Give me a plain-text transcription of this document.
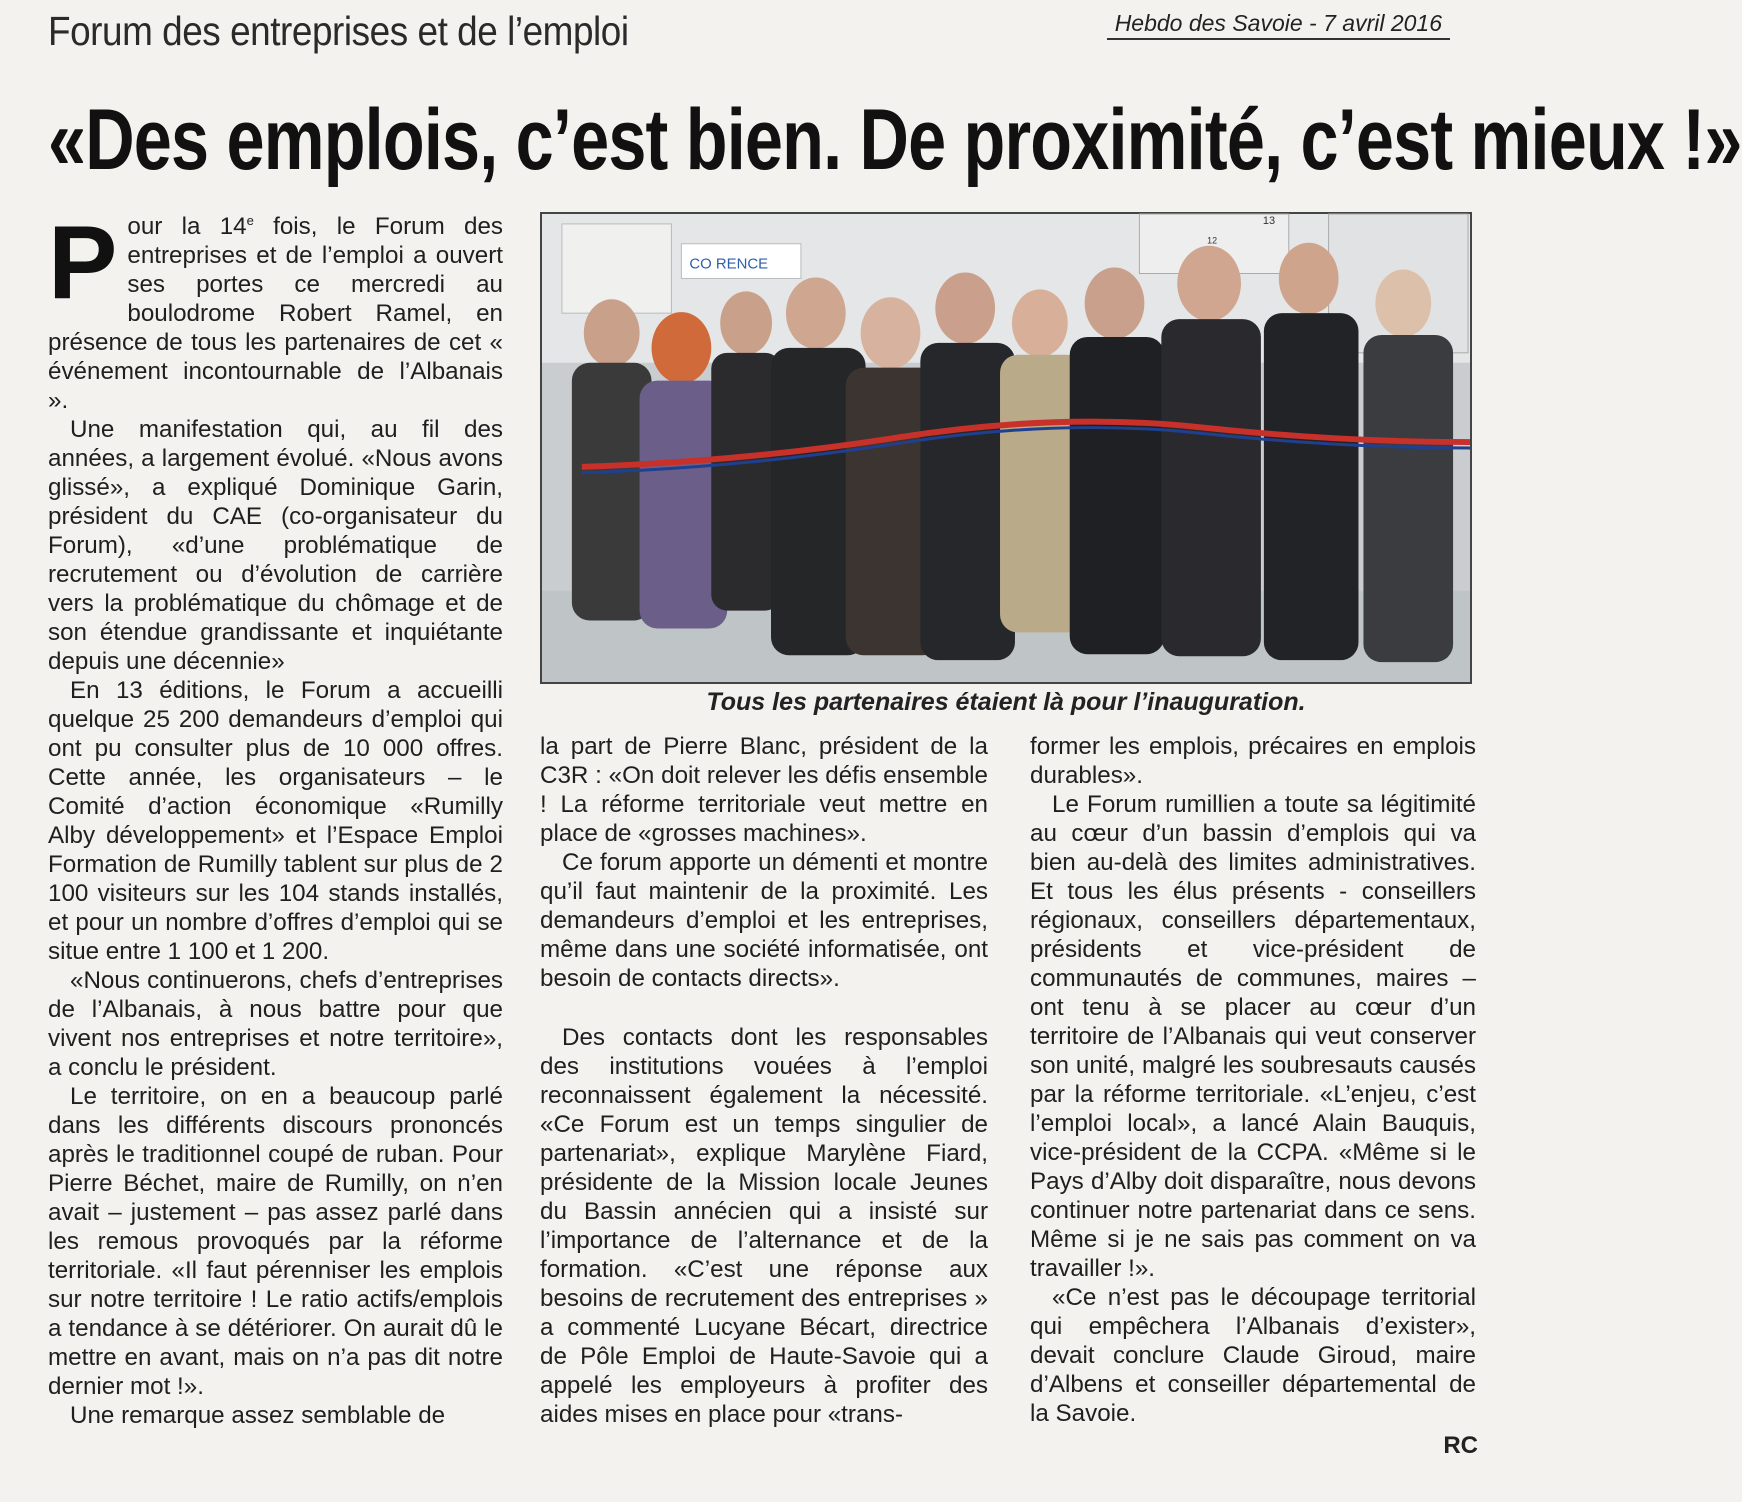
Forum des entreprises et de l’emploi	Hebdo des Savoie - 7 avril 2016
«Des emplois, c’est bien. De proximité, c’est mieux !»

Pour la 14e fois, le Forum des entreprises et de l’emploi a ouvert ses portes ce mercredi au boulodrome Robert Ramel, en présence de tous les partenaires de cet « événement incontournable de l’Albanais ».

Une manifestation qui, au fil des années, a largement évolué. «Nous avons glissé», a expliqué Dominique Garin, président du CAE (co-organisateur du Forum), «d’une problématique de recrutement ou d’évolution de carrière vers la problématique du chômage et de son étendue grandissante et inquiétante depuis une décennie»

En 13 éditions, le Forum a accueilli quelque 25 200 demandeurs d’emploi qui ont pu consulter plus de 10 000 offres. Cette année, les organisateurs – le Comité d’action économique «Rumilly Alby développement» et l’Espace Emploi Formation de Rumilly tablent sur plus de 2 100 visiteurs sur les 104 stands installés, et pour un nombre d’offres d’emploi qui se situe entre 1 100 et 1 200.

«Nous continuerons, chefs d’entreprises de l’Albanais, à nous battre pour que vivent nos entreprises et notre territoire», a conclu le président.

Le territoire, on en a beaucoup parlé dans les différents discours prononcés après le traditionnel coupé de ruban. Pour Pierre Béchet, maire de Rumilly, on n’en avait – justement – pas assez parlé dans les remous provoqués par la réforme territoriale. «Il faut pérenniser les emplois sur notre territoire ! Le ratio actifs/emplois a tendance à se détériorer. On aurait dû le mettre en avant, mais on n’a pas dit notre dernier mot !».

Une remarque assez semblable de

CO RENCE
13
12
Tous les partenaires étaient là pour l’inauguration.

la part de Pierre Blanc, président de la C3R : «On doit relever les défis ensemble ! La réforme territoriale veut mettre en place de «grosses machines».

Ce forum apporte un démenti et montre qu’il faut maintenir de la proximité. Les demandeurs d’emploi et les entreprises, même dans une société informatisée, ont besoin de contacts directs».

Des contacts dont les responsables des institutions vouées à l’emploi reconnaissent également la nécessité. «Ce Forum est un temps singulier de partenariat», explique Marylène Fiard, présidente de la Mission locale Jeunes du Bassin annécien qui a insisté sur l’importance de l’alternance et de la formation. «C’est une réponse aux besoins de recrutement des entreprises » a commenté Lucyane Bécart, directrice de Pôle Emploi de Haute-Savoie qui a appelé les employeurs à profiter des aides mises en place pour «trans-

former les emplois, précaires en emplois durables».

Le Forum rumillien a toute sa légitimité au cœur d’un bassin d’emplois qui va bien au-delà des limites administratives. Et tous les élus présents - conseillers régionaux, conseillers départementaux, présidents et vice-président de communautés de communes, maires – ont tenu à se placer au cœur d’un territoire de l’Albanais qui veut conserver son unité, malgré les soubresauts causés par la réforme territoriale. «L’enjeu, c’est l’emploi local», a lancé Alain Bauquis, vice-président de la CCPA. «Même si le Pays d’Alby doit disparaître, nous devons continuer notre partenariat dans ce sens. Même si je ne sais pas comment on va travailler !».

«Ce n’est pas le découpage territorial qui empêchera l’Albanais d’exister», devait conclure Claude Giroud, maire d’Albens et conseiller départemental de la Savoie.

RC
